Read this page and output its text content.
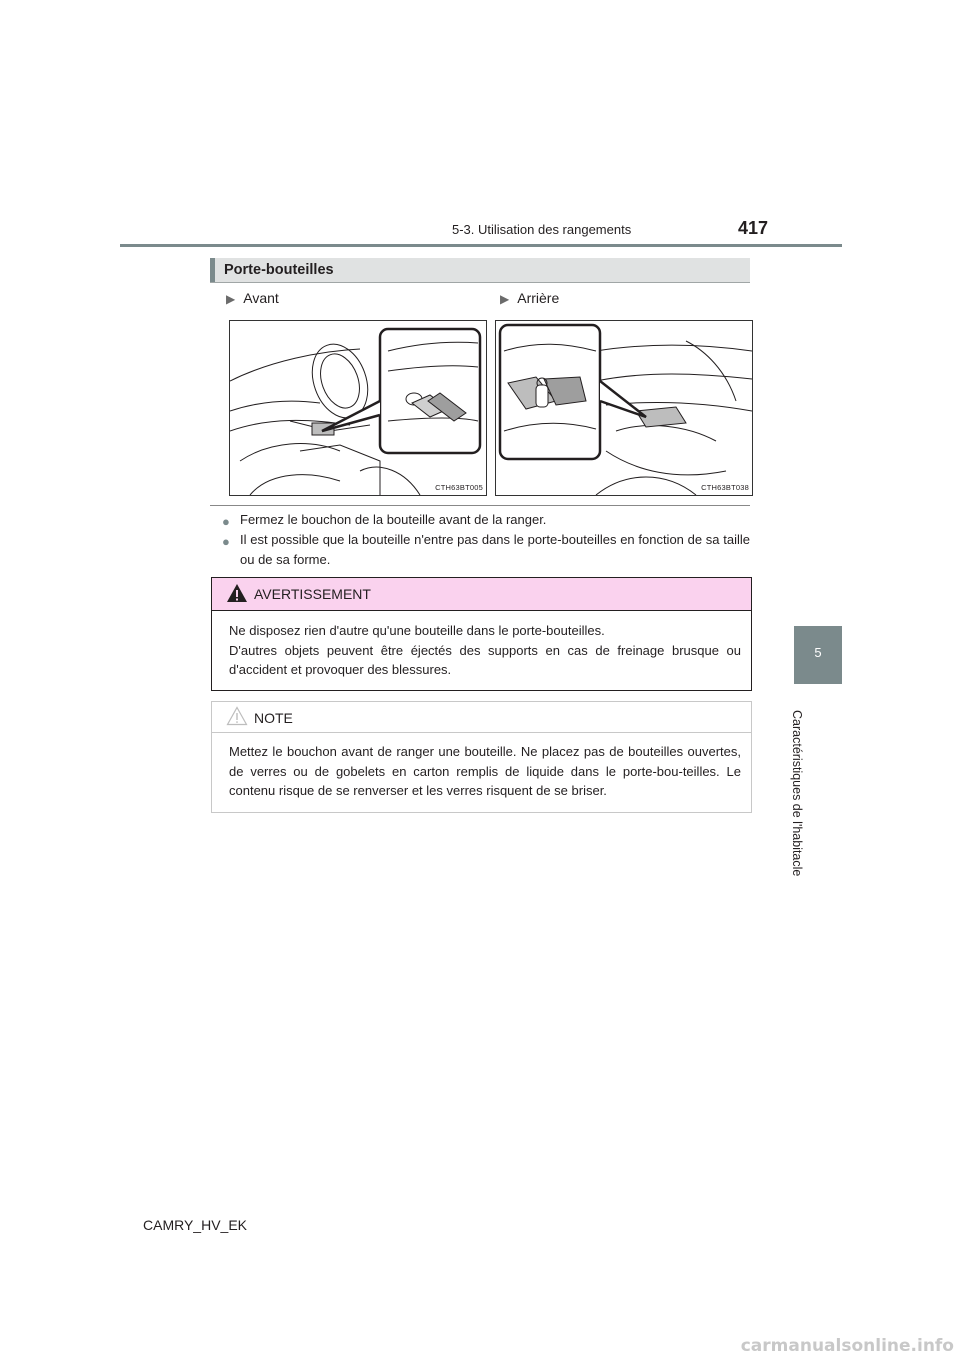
5-3. Utilisation des rangements	417
5
Caractéristiques de l'habitacle
Porte-bouteilles
▶ Avant	▶ Arrière
CTH63BT005	CTH63BT038
● Fermez le bouchon de la bouteille avant de la ranger.
● Il est possible que la bouteille n'entre pas dans le porte-bouteilles en fonction de sa taille ou de sa forme.
AVERTISSEMENT
Ne disposez rien d'autre qu'une bouteille dans le porte-bouteilles.
D'autres objets peuvent être éjectés des supports en cas de freinage brusque ou d'accident et provoquer des blessures.
NOTE
Mettez le bouchon avant de ranger une bouteille. Ne placez pas de bouteilles ouvertes, de verres ou de gobelets en carton remplis de liquide dans le porte-bou-teilles. Le contenu risque de se renverser et les verres risquent de se briser.
CAMRY_HV_EK
carmanualsonline.info
